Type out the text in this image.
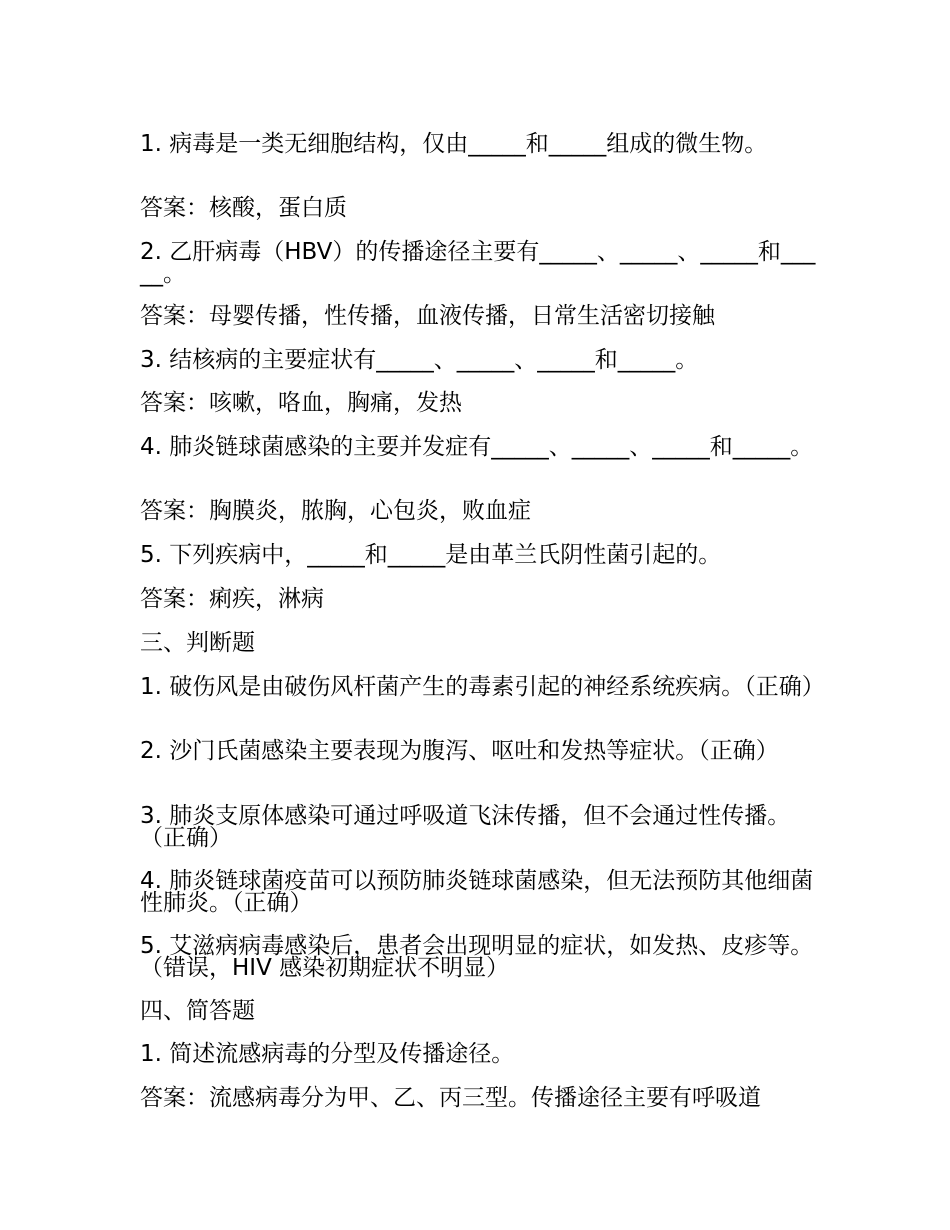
1. 病毒是一类无细胞结构，仅由_____和_____组成的微生物。

答案：核酸，蛋白质

2. 乙肝病毒（HBV）的传播途径主要有_____、_____、_____和_____。

答案：母婴传播，性传播，血液传播，日常生活密切接触

3. 结核病的主要症状有_____、_____、_____和_____。

答案：咳嗽，咯血，胸痛，发热

4. 肺炎链球菌感染的主要并发症有_____、_____、_____和_____。

答案：胸膜炎，脓胸，心包炎，败血症

5. 下列疾病中，_____和_____是由革兰氏阴性菌引起的。

答案：痢疾，淋病

三、判断题

1. 破伤风是由破伤风杆菌产生的毒素引起的神经系统疾病。（正确）

2. 沙门氏菌感染主要表现为腹泻、呕吐和发热等症状。（正确）

3. 肺炎支原体感染可通过呼吸道飞沫传播，但不会通过性传播。（正确）

4. 肺炎链球菌疫苗可以预防肺炎链球菌感染，但无法预防其他细菌性肺炎。（正确）

5. 艾滋病病毒感染后，患者会出现明显的症状，如发热、皮疹等。（错误，HIV 感染初期症状不明显）

四、简答题

1. 简述流感病毒的分型及传播途径。

答案：流感病毒分为甲、乙、丙三型。传播途径主要有呼吸道
